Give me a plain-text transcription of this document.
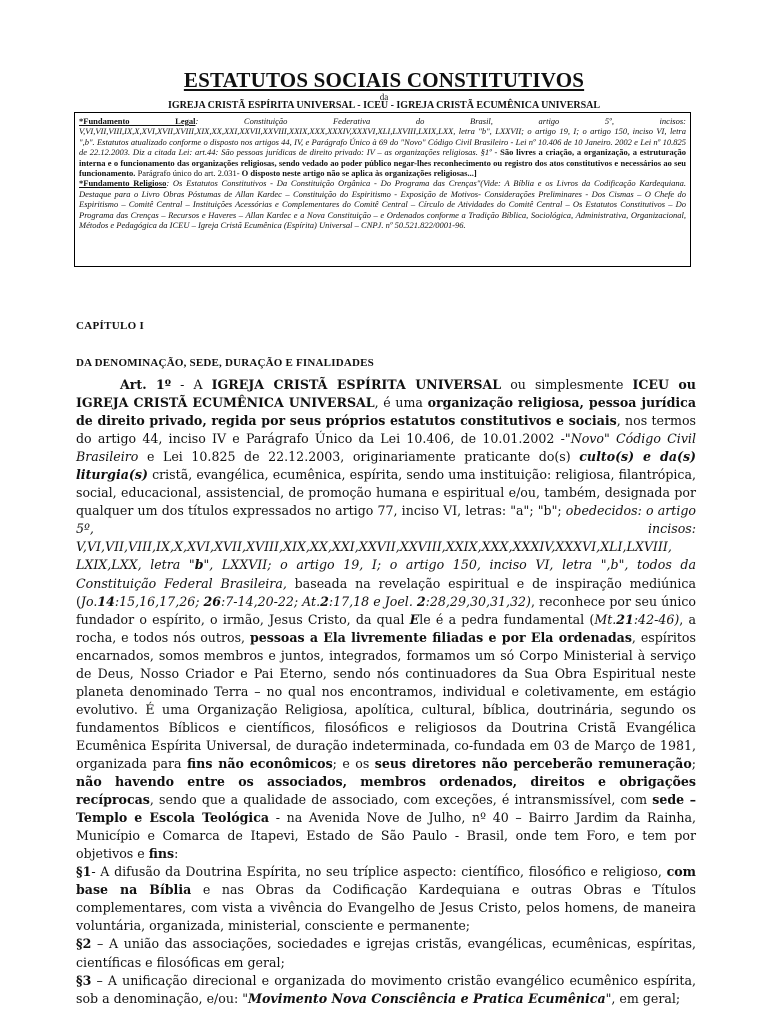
ESTATUTOS SOCIAIS CONSTITUTIVOS
da
IGREJA CRISTÃ ESPÍRITA UNIVERSAL - ICEU - IGREJA CRISTÃ ECUMÊNICA UNIVERSAL

*Fundamento Legal: Constituição Federativa do Brasil, artigo 5º, incisos: V,VI,VII,VIII,IX,X,XVI,XVII,XVIII,XIX,XX,XXI,XXVII,XXVIII,XXIX,XXX,XXXIV,XXXVI,XLI,LXVIII,LXIX,LXX, letra "b", LXXVII; o artigo 19, I; o artigo 150, inciso VI, letra ",b". Estatutos atualizado conforme o disposto nos artigos 44, IV, e Parágrafo Único à 69 do "Novo" Código Civil Brasileiro - Lei nº 10.406 de 10 Janeiro. 2002 e Lei nº 10.825 de 22.12.2003. Diz a citada Lei: art.44: São pessoas jurídicas de direito privado: IV – as organizações religiosas. §1º - São livres a criação, a organização, a estruturação interna e o funcionamento das organizações religiosas, sendo vedado ao poder público negar-lhes reconhecimento ou registro dos atos constitutivos e necessários ao seu funcionamento. Parágrafo único do art. 2.031- O disposto neste artigo não se aplica às organizações religiosas...]

*Fundamento Religioso: Os Estatutos Constitutivos - Da Constituição Orgânica - Do Programa das Crenças"(Vide: A Bíblia e os Livros da Codificação Kardequiana. Destaque para o Livro Obras Póstumas de Allan Kardec – Constituição do Espiritismo - Exposição de Motivos- Considerações Preliminares - Dos Cismas – O Chefe do Espiritismo – Comitê Central – Instituições Acessórias e Complementares do Comitê Central – Círculo de Atividades do Comitê Central – Os Estatutos Constitutivos – Do Programa das Crenças – Recursos e Haveres – Allan Kardec e a Nova Constituição – e Ordenados conforme a Tradição Bíblica, Sociológica, Administrativa, Organizacional, Métodos e Pedagógica da ICEU – Igreja Cristã Ecumênica (Espírita) Universal – CNPJ. nº 50.521.822/0001-96.

CAPÍTULO I
DA DENOMINAÇÃO, SEDE, DURAÇÃO E FINALIDADES

Art. 1º - A IGREJA CRISTÃ ESPÍRITA UNIVERSAL ou simplesmente ICEU ou IGREJA CRISTÃ ECUMÊNICA UNIVERSAL, é uma organização religiosa, pessoa jurídica de direito privado, regida por seus próprios estatutos constitutivos e sociais, nos termos do artigo 44, inciso IV e Parágrafo Único da Lei 10.406, de 10.01.2002 -"Novo" Código Civil Brasileiro e Lei 10.825 de 22.12.2003, originariamente praticante do(s) culto(s) e da(s) liturgia(s) cristã, evangélica, ecumênica, espírita, sendo uma instituição: religiosa, filantrópica, social, educacional, assistencial, de promoção humana e espiritual e/ou, também, designada por qualquer um dos títulos expressados no artigo 77, inciso VI, letras: "a"; "b"; obedecidos: o artigo 5º, incisos: V,VI,VII,VIII,IX,X,XVI,XVII,XVIII,XIX,XX,XXI,XXVII,XXVIII,XXIX,XXX,XXXIV,XXXVI,XLI,LXVIII, LXIX,LXX, letra "b", LXXVII; o artigo 19, I; o artigo 150, inciso VI, letra ",b", todos da Constituição Federal Brasileira, baseada na revelação espiritual e de inspiração mediúnica (Jo.14:15,16,17,26; 26:7-14,20-22; At.2:17,18 e Joel. 2:28,29,30,31,32), reconhece por seu único fundador o espírito, o irmão, Jesus Cristo, da qual Ele é a pedra fundamental (Mt.21:42-46), a rocha, e todos nós outros, pessoas a Ela livremente filiadas e por Ela ordenadas, espíritos encarnados, somos membros e juntos, integrados, formamos um só Corpo Ministerial à serviço de Deus, Nosso Criador e Pai Eterno, sendo nós continuadores da Sua Obra Espiritual neste planeta denominado Terra – no qual nos encontramos, individual e coletivamente, em estágio evolutivo. É uma Organização Religiosa, apolítica, cultural, bíblica, doutrinária, segundo os fundamentos Bíblicos e científicos, filosóficos e religiosos da Doutrina Cristã Evangélica Ecumênica Espírita Universal, de duração indeterminada, co-fundada em 03 de Março de 1981, organizada para fins não econômicos; e os seus diretores não perceberão remuneração; não havendo entre os associados, membros ordenados, direitos e obrigações recíprocas, sendo que a qualidade de associado, com exceções, é intransmissível, com sede – Templo e Escola Teológica - na Avenida Nove de Julho, nº 40 – Bairro Jardim da Rainha, Município e Comarca de Itapevi, Estado de São Paulo - Brasil, onde tem Foro, e tem por objetivos e fins:

§1- A difusão da Doutrina Espírita, no seu tríplice aspecto: científico, filosófico e religioso, com base na Bíblia e nas Obras da Codificação Kardequiana e outras Obras e Títulos complementares, com vista a vivência do Evangelho de Jesus Cristo, pelos homens, de maneira voluntária, organizada, ministerial, consciente e permanente;

§2 – A união das associações, sociedades e igrejas cristãs, evangélicas, ecumênicas, espíritas, científicas e filosóficas em geral;

§3 – A unificação direcional e organizada do movimento cristão evangélico ecumênico espírita, sob a denominação, e/ou: "Movimento Nova Consciência e Pratica Ecumênica", em geral;
